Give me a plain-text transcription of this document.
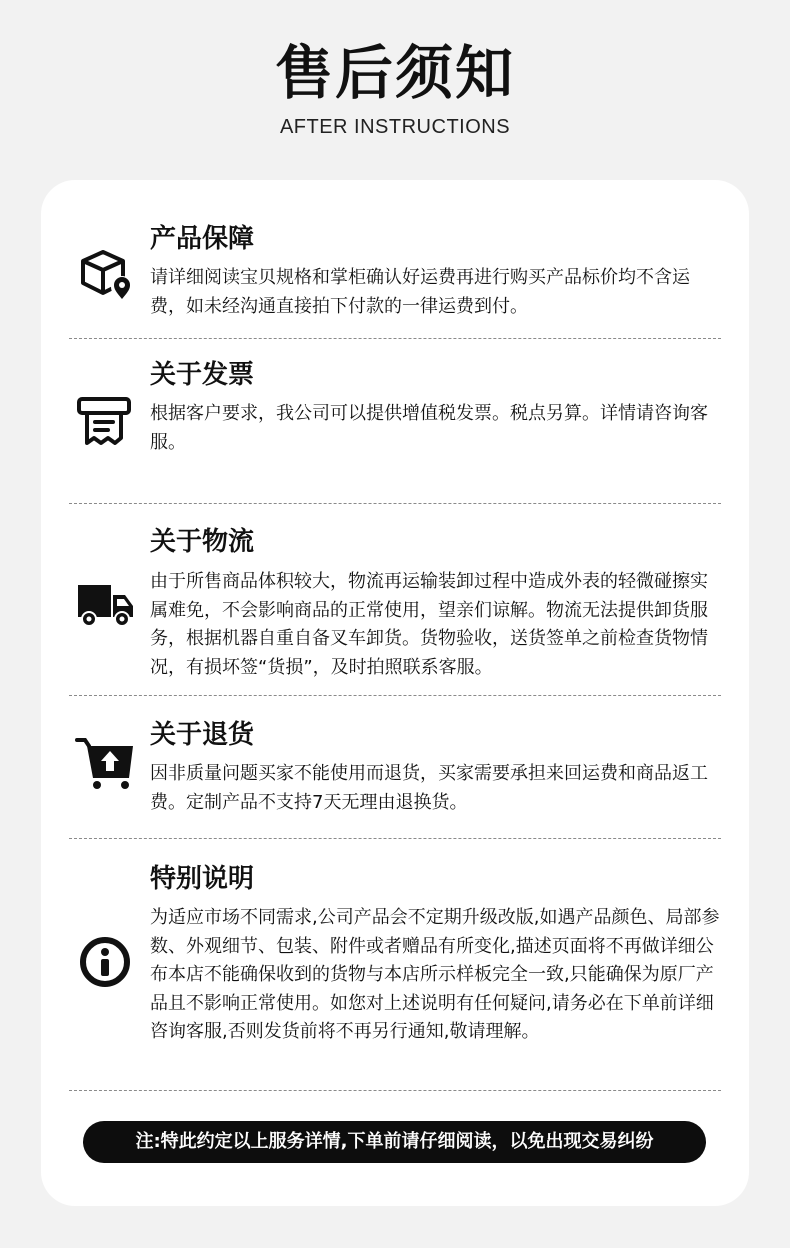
售后须知

AFTER INSTRUCTIONS

产品保障

请详细阅读宝贝规格和掌柜确认好运费再进行购买产品标价均不含运费，如未经沟通直接拍下付款的一律运费到付。

关于发票

根据客户要求，我公司可以提供增值税发票。税点另算。详情请咨询客服。

关于物流

由于所售商品体积较大，物流再运输装卸过程中造成外表的轻微碰擦实属难免，不会影响商品的正常使用，望亲们谅解。物流无法提供卸货服务，根据机器自重自备叉车卸货。货物验收，送货签单之前检查货物情况，有损坏签“货损”，及时拍照联系客服。

关于退货

因非质量问题买家不能使用而退货，买家需要承担来回运费和商品返工费。定制产品不支持7天无理由退换货。

特别说明

为适应市场不同需求,公司产品会不定期升级改版,如遇产品颜色、局部参数、外观细节、包装、附件或者赠品有所变化,描述页面将不再做详细公布本店不能确保收到的货物与本店所示样板完全一致,只能确保为原厂产品且不影响正常使用。如您对上述说明有任何疑问,请务必在下单前详细咨询客服,否则发货前将不再另行通知,敬请理解。

注:特此约定以上服务详情,下单前请仔细阅读，以免出现交易纠纷
